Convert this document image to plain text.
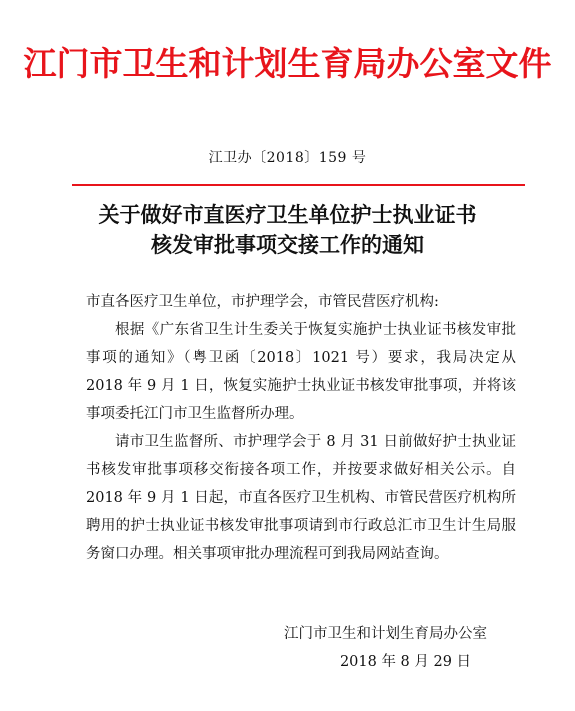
江门市卫生和计划生育局办公室文件
江卫办〔2018〕159 号
关于做好市直医疗卫生单位护士执业证书
核发审批事项交接工作的通知
市直各医疗卫生单位，市护理学会，市管民营医疗机构:

根据《广东省卫生计生委关于恢复实施护士执业证书核发审批事项的通知》（粤卫函〔2018〕1021 号）要求，我局决定从 2018 年 9 月 1 日，恢复实施护士执业证书核发审批事项，并将该事项委托江门市卫生监督所办理。

请市卫生监督所、市护理学会于 8 月 31 日前做好护士执业证书核发审批事项移交衔接各项工作，并按要求做好相关公示。自 2018 年 9 月 1 日起，市直各医疗卫生机构、市管民营医疗机构所聘用的护士执业证书核发审批事项请到市行政总汇市卫生计生局服务窗口办理。相关事项审批办理流程可到我局网站查询。

江门市卫生和计划生育局办公室
2018 年 8 月 29 日
